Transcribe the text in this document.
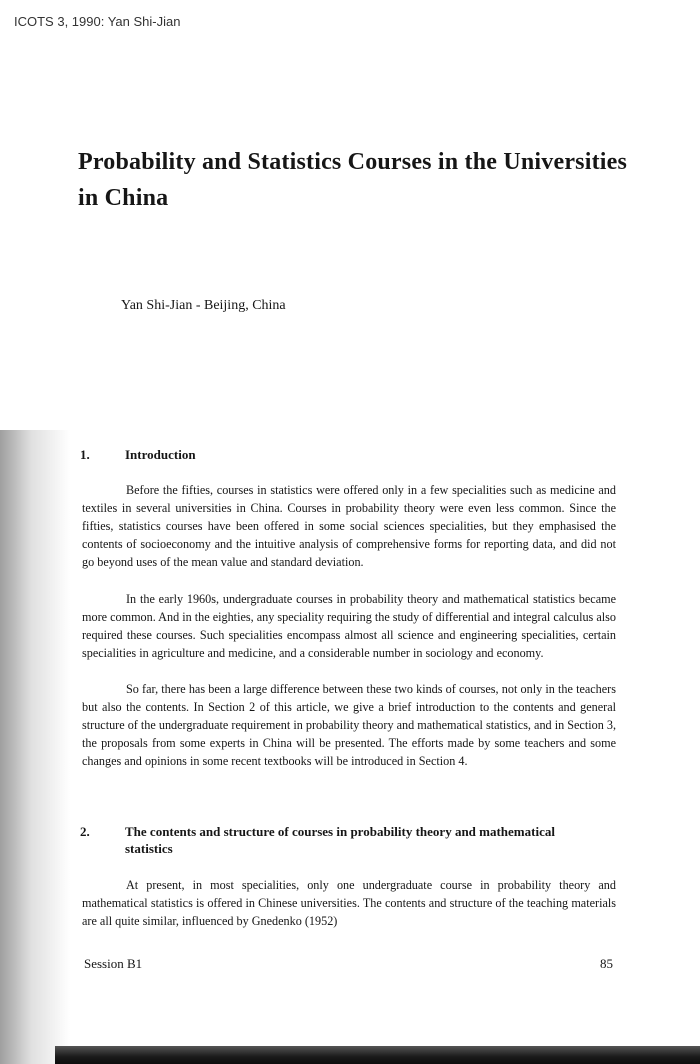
ICOTS 3, 1990: Yan Shi-Jian
Probability and Statistics Courses in the Universities in China
Yan Shi-Jian - Beijing, China
1.	Introduction

Before the fifties, courses in statistics were offered only in a few specialities such as medicine and textiles in several universities in China. Courses in probability theory were even less common. Since the fifties, statistics courses have been offered in some social sciences specialities, but they emphasised the contents of socioeconomy and the intuitive analysis of comprehensive forms for reporting data, and did not go beyond uses of the mean value and standard deviation.

In the early 1960s, undergraduate courses in probability theory and mathematical statistics became more common. And in the eighties, any speciality requiring the study of differential and integral calculus also required these courses. Such specialities encompass almost all science and engineering specialities, certain specialities in agriculture and medicine, and a considerable number in sociology and economy.

So far, there has been a large difference between these two kinds of courses, not only in the teachers but also the contents. In Section 2 of this article, we give a brief introduction to the contents and general structure of the undergraduate requirement in probability theory and mathematical statistics, and in Section 3, the proposals from some experts in China will be presented. The efforts made by some teachers and some changes and opinions in some recent textbooks will be introduced in Section 4.

2.	The contents and structure of courses in probability theory and mathematical statistics

At present, in most specialities, only one undergraduate course in probability theory and mathematical statistics is offered in Chinese universities. The contents and structure of the teaching materials are all quite similar, influenced by Gnedenko (1952)

Session B1	85
